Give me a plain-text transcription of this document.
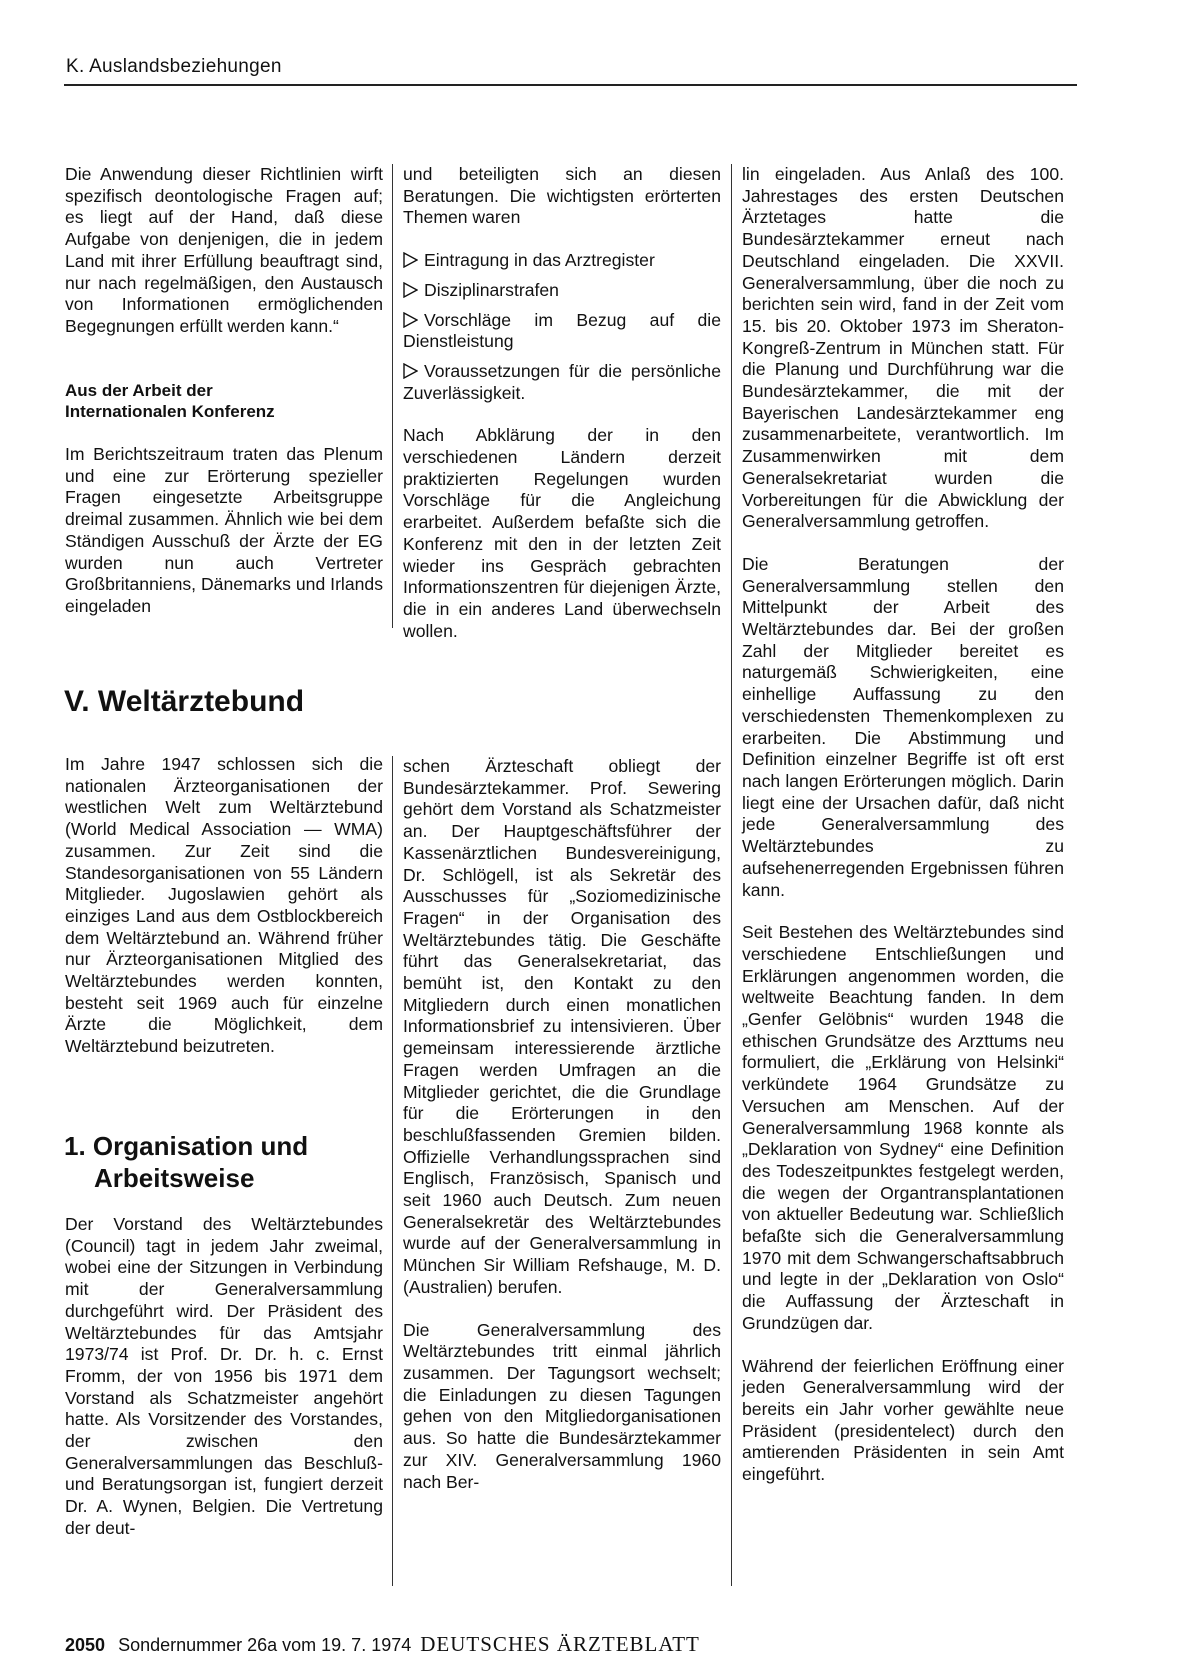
K. Auslandsbeziehungen

Die Anwendung dieser Richtlinien wirft spezifisch deontologische Fragen auf; es liegt auf der Hand, daß diese Aufgabe von denjenigen, die in jedem Land mit ihrer Erfüllung beauftragt sind, nur nach regelmäßigen, den Austausch von Informationen ermöglichenden Begegnungen erfüllt werden kann.“

Aus der Arbeit der
Internationalen Konferenz

Im Berichtszeitraum traten das Plenum und eine zur Erörterung spezieller Fragen eingesetzte Arbeitsgruppe dreimal zusammen. Ähnlich wie bei dem Ständigen Ausschuß der Ärzte der EG wurden nun auch Vertreter Großbritanniens, Dänemarks und Irlands eingeladen

und beteiligten sich an diesen Beratungen. Die wichtigsten erörterten Themen waren

Eintragung in das Arztregister

Disziplinarstrafen

Vorschläge im Bezug auf die Dienstleistung

Voraussetzungen für die persönliche Zuverlässigkeit.

Nach Abklärung der in den verschiedenen Ländern derzeit praktizierten Regelungen wurden Vorschläge für die Angleichung erarbeitet. Außerdem befaßte sich die Konferenz mit den in der letzten Zeit wieder ins Gespräch gebrachten Informationszentren für diejenigen Ärzte, die in ein anderes Land überwechseln wollen.

V. Weltärztebund

Im Jahre 1947 schlossen sich die nationalen Ärzteorganisationen der westlichen Welt zum Weltärztebund (World Medical Association — WMA) zusammen. Zur Zeit sind die Standesorganisationen von 55 Ländern Mitglieder. Jugoslawien gehört als einziges Land aus dem Ostblockbereich dem Weltärztebund an. Während früher nur Ärzteorganisationen Mitglied des Weltärztebundes werden konnten, besteht seit 1969 auch für einzelne Ärzte die Möglichkeit, dem Weltärztebund beizutreten.

1. Organisation und
Arbeitsweise

Der Vorstand des Weltärztebundes (Council) tagt in jedem Jahr zweimal, wobei eine der Sitzungen in Verbindung mit der Generalversammlung durchgeführt wird. Der Präsident des Weltärztebundes für das Amtsjahr 1973/74 ist Prof. Dr. Dr. h. c. Ernst Fromm, der von 1956 bis 1971 dem Vorstand als Schatzmeister angehört hatte. Als Vorsitzender des Vorstandes, der zwischen den Generalversammlungen das Beschluß- und Beratungsorgan ist, fungiert derzeit Dr. A. Wynen, Belgien. Die Vertretung der deut-

schen Ärzteschaft obliegt der Bundesärztekammer. Prof. Sewering gehört dem Vorstand als Schatzmeister an. Der Hauptgeschäftsführer der Kassenärztlichen Bundesvereinigung, Dr. Schlögell, ist als Sekretär des Ausschusses für „Soziomedizinische Fragen“ in der Organisation des Weltärztebundes tätig. Die Geschäfte führt das Generalsekretariat, das bemüht ist, den Kontakt zu den Mitgliedern durch einen monatlichen Informationsbrief zu intensivieren. Über gemeinsam interessierende ärztliche Fragen werden Umfragen an die Mitglieder gerichtet, die die Grundlage für die Erörterungen in den beschlußfassenden Gremien bilden. Offizielle Verhandlungssprachen sind Englisch, Französisch, Spanisch und seit 1960 auch Deutsch. Zum neuen Generalsekretär des Weltärztebundes wurde auf der Generalversammlung in München Sir William Refshauge, M. D. (Australien) berufen.

Die Generalversammlung des Weltärztebundes tritt einmal jährlich zusammen. Der Tagungsort wechselt; die Einladungen zu diesen Tagungen gehen von den Mitgliedorganisationen aus. So hatte die Bundesärztekammer zur XIV. Generalversammlung 1960 nach Ber-

lin eingeladen. Aus Anlaß des 100. Jahrestages des ersten Deutschen Ärztetages hatte die Bundesärztekammer erneut nach Deutschland eingeladen. Die XXVII. Generalversammlung, über die noch zu berichten sein wird, fand in der Zeit vom 15. bis 20. Oktober 1973 im Sheraton-Kongreß-Zentrum in München statt. Für die Planung und Durchführung war die Bundesärztekammer, die mit der Bayerischen Landesärztekammer eng zusammenarbeitete, verantwortlich. Im Zusammenwirken mit dem Generalsekretariat wurden die Vorbereitungen für die Abwicklung der Generalversammlung getroffen.

Die Beratungen der Generalversammlung stellen den Mittelpunkt der Arbeit des Weltärztebundes dar. Bei der großen Zahl der Mitglieder bereitet es naturgemäß Schwierigkeiten, eine einhellige Auffassung zu den verschiedensten Themenkomplexen zu erarbeiten. Die Abstimmung und Definition einzelner Begriffe ist oft erst nach langen Erörterungen möglich. Darin liegt eine der Ursachen dafür, daß nicht jede Generalversammlung des Weltärztebundes zu aufsehenerregenden Ergebnissen führen kann.

Seit Bestehen des Weltärztebundes sind verschiedene Entschließungen und Erklärungen angenommen worden, die weltweite Beachtung fanden. In dem „Genfer Gelöbnis“ wurden 1948 die ethischen Grundsätze des Arzttums neu formuliert, die „Erklärung von Helsinki“ verkündete 1964 Grundsätze zu Versuchen am Menschen. Auf der Generalversammlung 1968 konnte als „Deklaration von Sydney“ eine Definition des Todeszeitpunktes festgelegt werden, die wegen der Organtransplantationen von aktueller Bedeutung war. Schließlich befaßte sich die Generalversammlung 1970 mit dem Schwangerschaftsabbruch und legte in der „Deklaration von Oslo“ die Auffassung der Ärzteschaft in Grundzügen dar.

Während der feierlichen Eröffnung einer jeden Generalversammlung wird der bereits ein Jahr vorher gewählte neue Präsident (presidentelect) durch den amtierenden Präsidenten in sein Amt eingeführt.

2050 Sondernummer 26a vom 19. 7. 1974 DEUTSCHES ÄRZTEBLATT
